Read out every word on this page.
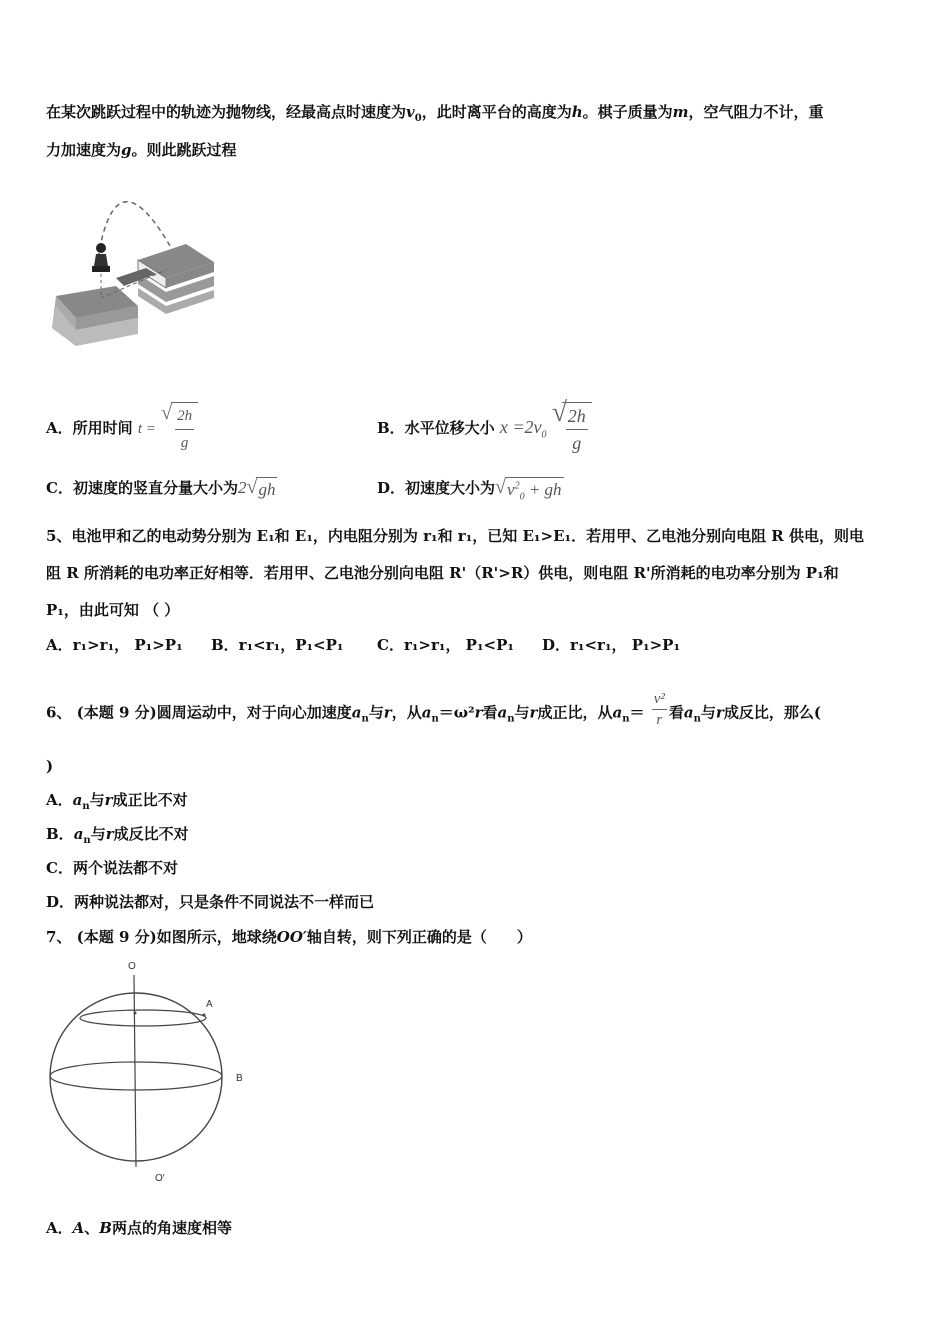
在某次跳跃过程中的轨迹为抛物线，经最高点时速度为$v_0$，此时离平台的高度为h。棋子质量为m，空气阻力不计，重
力加速度为g。则此跳跃过程
A．所用时间 t =
√ $\frac{2h}{g}$	B．水平位移大小 $x =2v_0$
√
$\frac{2h}{g}$
C．初速度的竖直分量大小为2 √ gh	D．初速度大小为 √ $v^2_0$ + gh
5、电池甲和乙的电动势分别为 E₁和 E₁，内电阻分别为 r₁和 r₁，已知 E₁>E₁．若用甲、乙电池分别向电阻 R 供电，则电
阻 R 所消耗的电功率正好相等．若用甲、乙电池分别向电阻 R'（R'>R）供电，则电阻 R'所消耗的电功率分别为 P₁和
P₁，由此可知 （ ）
A．r₁>r₁， P₁>P₁ B．r₁<r₁，P₁<P₁ C．r₁>r₁， P₁<P₁ D．r₁<r₁， P₁>P₁
6、 (本题 9 分)圆周运动中，对于向心加速度$a_n$与r，从$a_n=\omega^2r$看$a_n$与r成正比，从$a_n= \frac{\text{v²}}{r}$ 看$a_n$与r成反比，那么(
)
A．$a_n$与r成正比不对
B．$a_n$与r成反比不对
C．两个说法都不对
D．两种说法都对，只是条件不同说法不一样而已
7、 (本题 9 分)如图所示，地球绕OO′轴自转，则下列正确的是（　　）
O
A
B
O′
A．A、B两点的角速度相等
